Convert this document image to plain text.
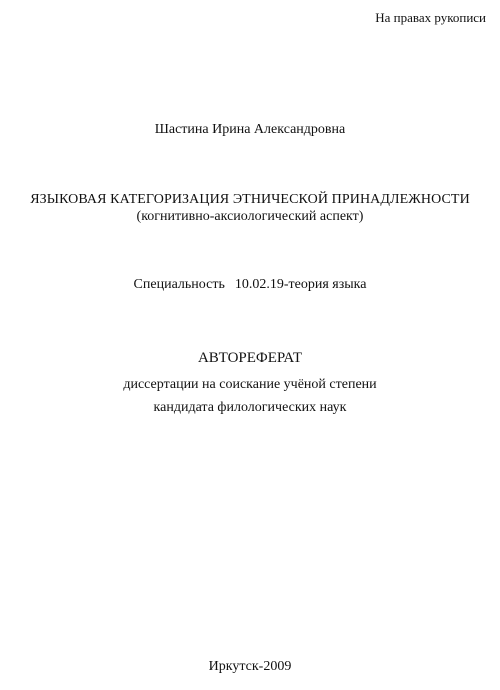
На правах рукописи
Шастина Ирина Александровна
ЯЗЫКОВАЯ КАТЕГОРИЗАЦИЯ ЭТНИЧЕСКОЙ ПРИНАДЛЕЖНОСТИ
(когнитивно-аксиологический аспект)
Специальность 10.02.19-теория языка
АВТОРЕФЕРАТ
диссертации на соискание учёной степени
кандидата филологических наук
Иркутск-2009
